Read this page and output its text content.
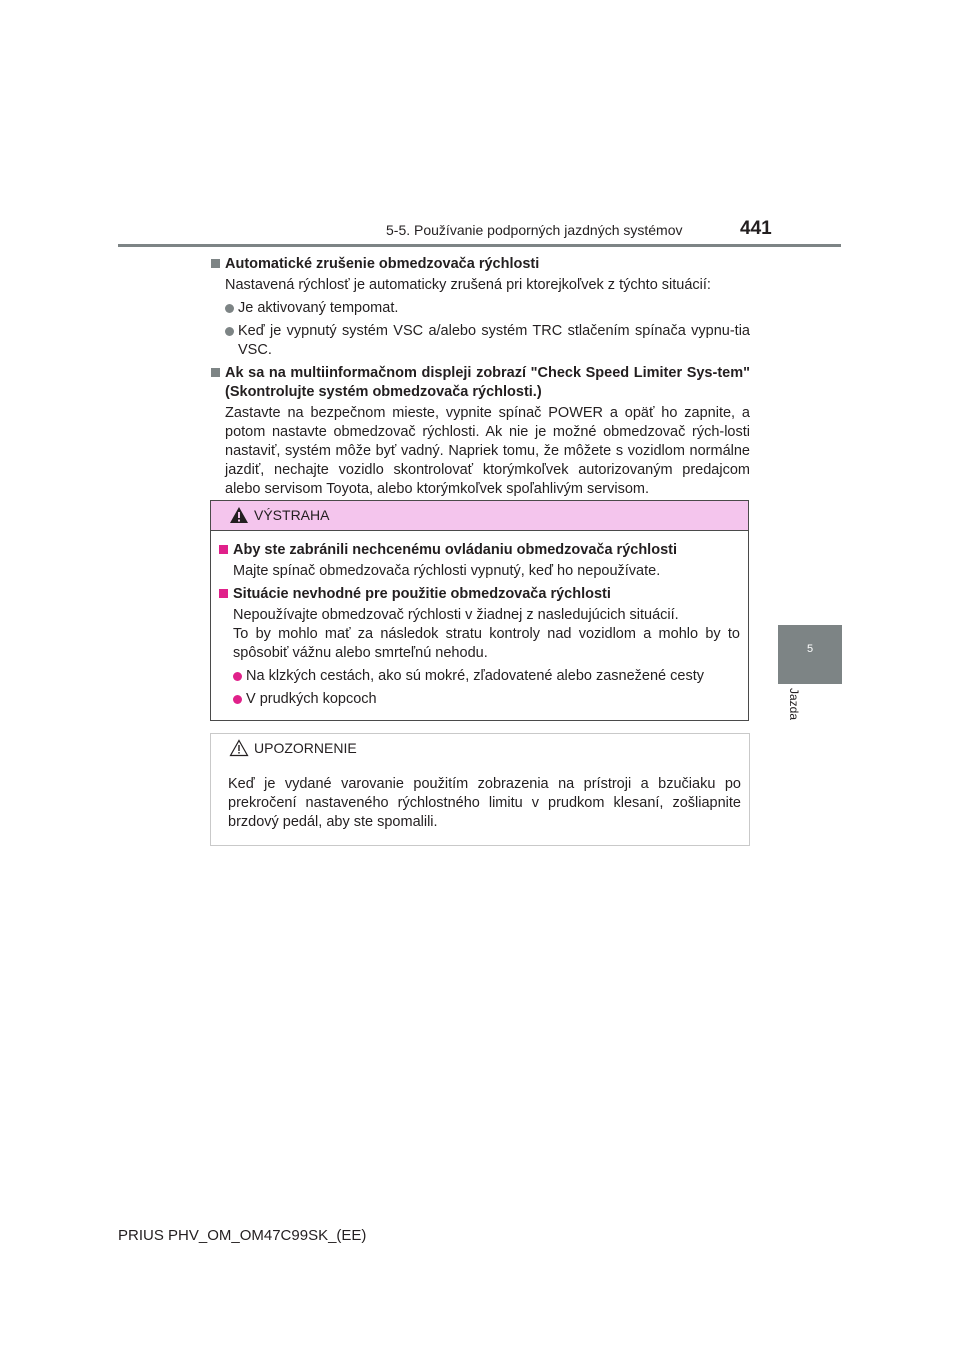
5-5. Používanie podporných jazdných systémov	441
5
Jazda
Automatické zrušenie obmedzovača rýchlosti
Nastavená rýchlosť je automaticky zrušená pri ktorejkoľvek z týchto situácií:
Je aktivovaný tempomat.
Keď je vypnutý systém VSC a/alebo systém TRC stlačením spínača vypnu-tia VSC.
Ak sa na multiinformačnom displeji zobrazí "Check Speed Limiter Sys-tem" (Skontrolujte systém obmedzovača rýchlosti.)
Zastavte na bezpečnom mieste, vypnite spínač POWER a opäť ho zapnite, a potom nastavte obmedzovač rýchlosti. Ak nie je možné obmedzovač rých-losti nastaviť, systém môže byť vadný. Napriek tomu, že môžete s vozidlom normálne jazdiť, nechajte vozidlo skontrolovať ktorýmkoľvek autorizovaným predajcom alebo servisom Toyota, alebo ktorýmkoľvek spoľahlivým servisom.
VÝSTRAHA
Aby ste zabránili nechcenému ovládaniu obmedzovača rýchlosti
Majte spínač obmedzovača rýchlosti vypnutý, keď ho nepoužívate.
Situácie nevhodné pre použitie obmedzovača rýchlosti
Nepoužívajte obmedzovač rýchlosti v žiadnej z nasledujúcich situácií.
To by mohlo mať za následok stratu kontroly nad vozidlom a mohlo by to spôsobiť vážnu alebo smrteľnú nehodu.
Na klzkých cestách, ako sú mokré, zľadovatené alebo zasnežené cesty
V prudkých kopcoch
UPOZORNENIE
Keď je vydané varovanie použitím zobrazenia na prístroji a bzučiaku po prekročení nastaveného rýchlostného limitu v prudkom klesaní, zošliapnite brzdový pedál, aby ste spomalili.
PRIUS PHV_OM_OM47C99SK_(EE)
